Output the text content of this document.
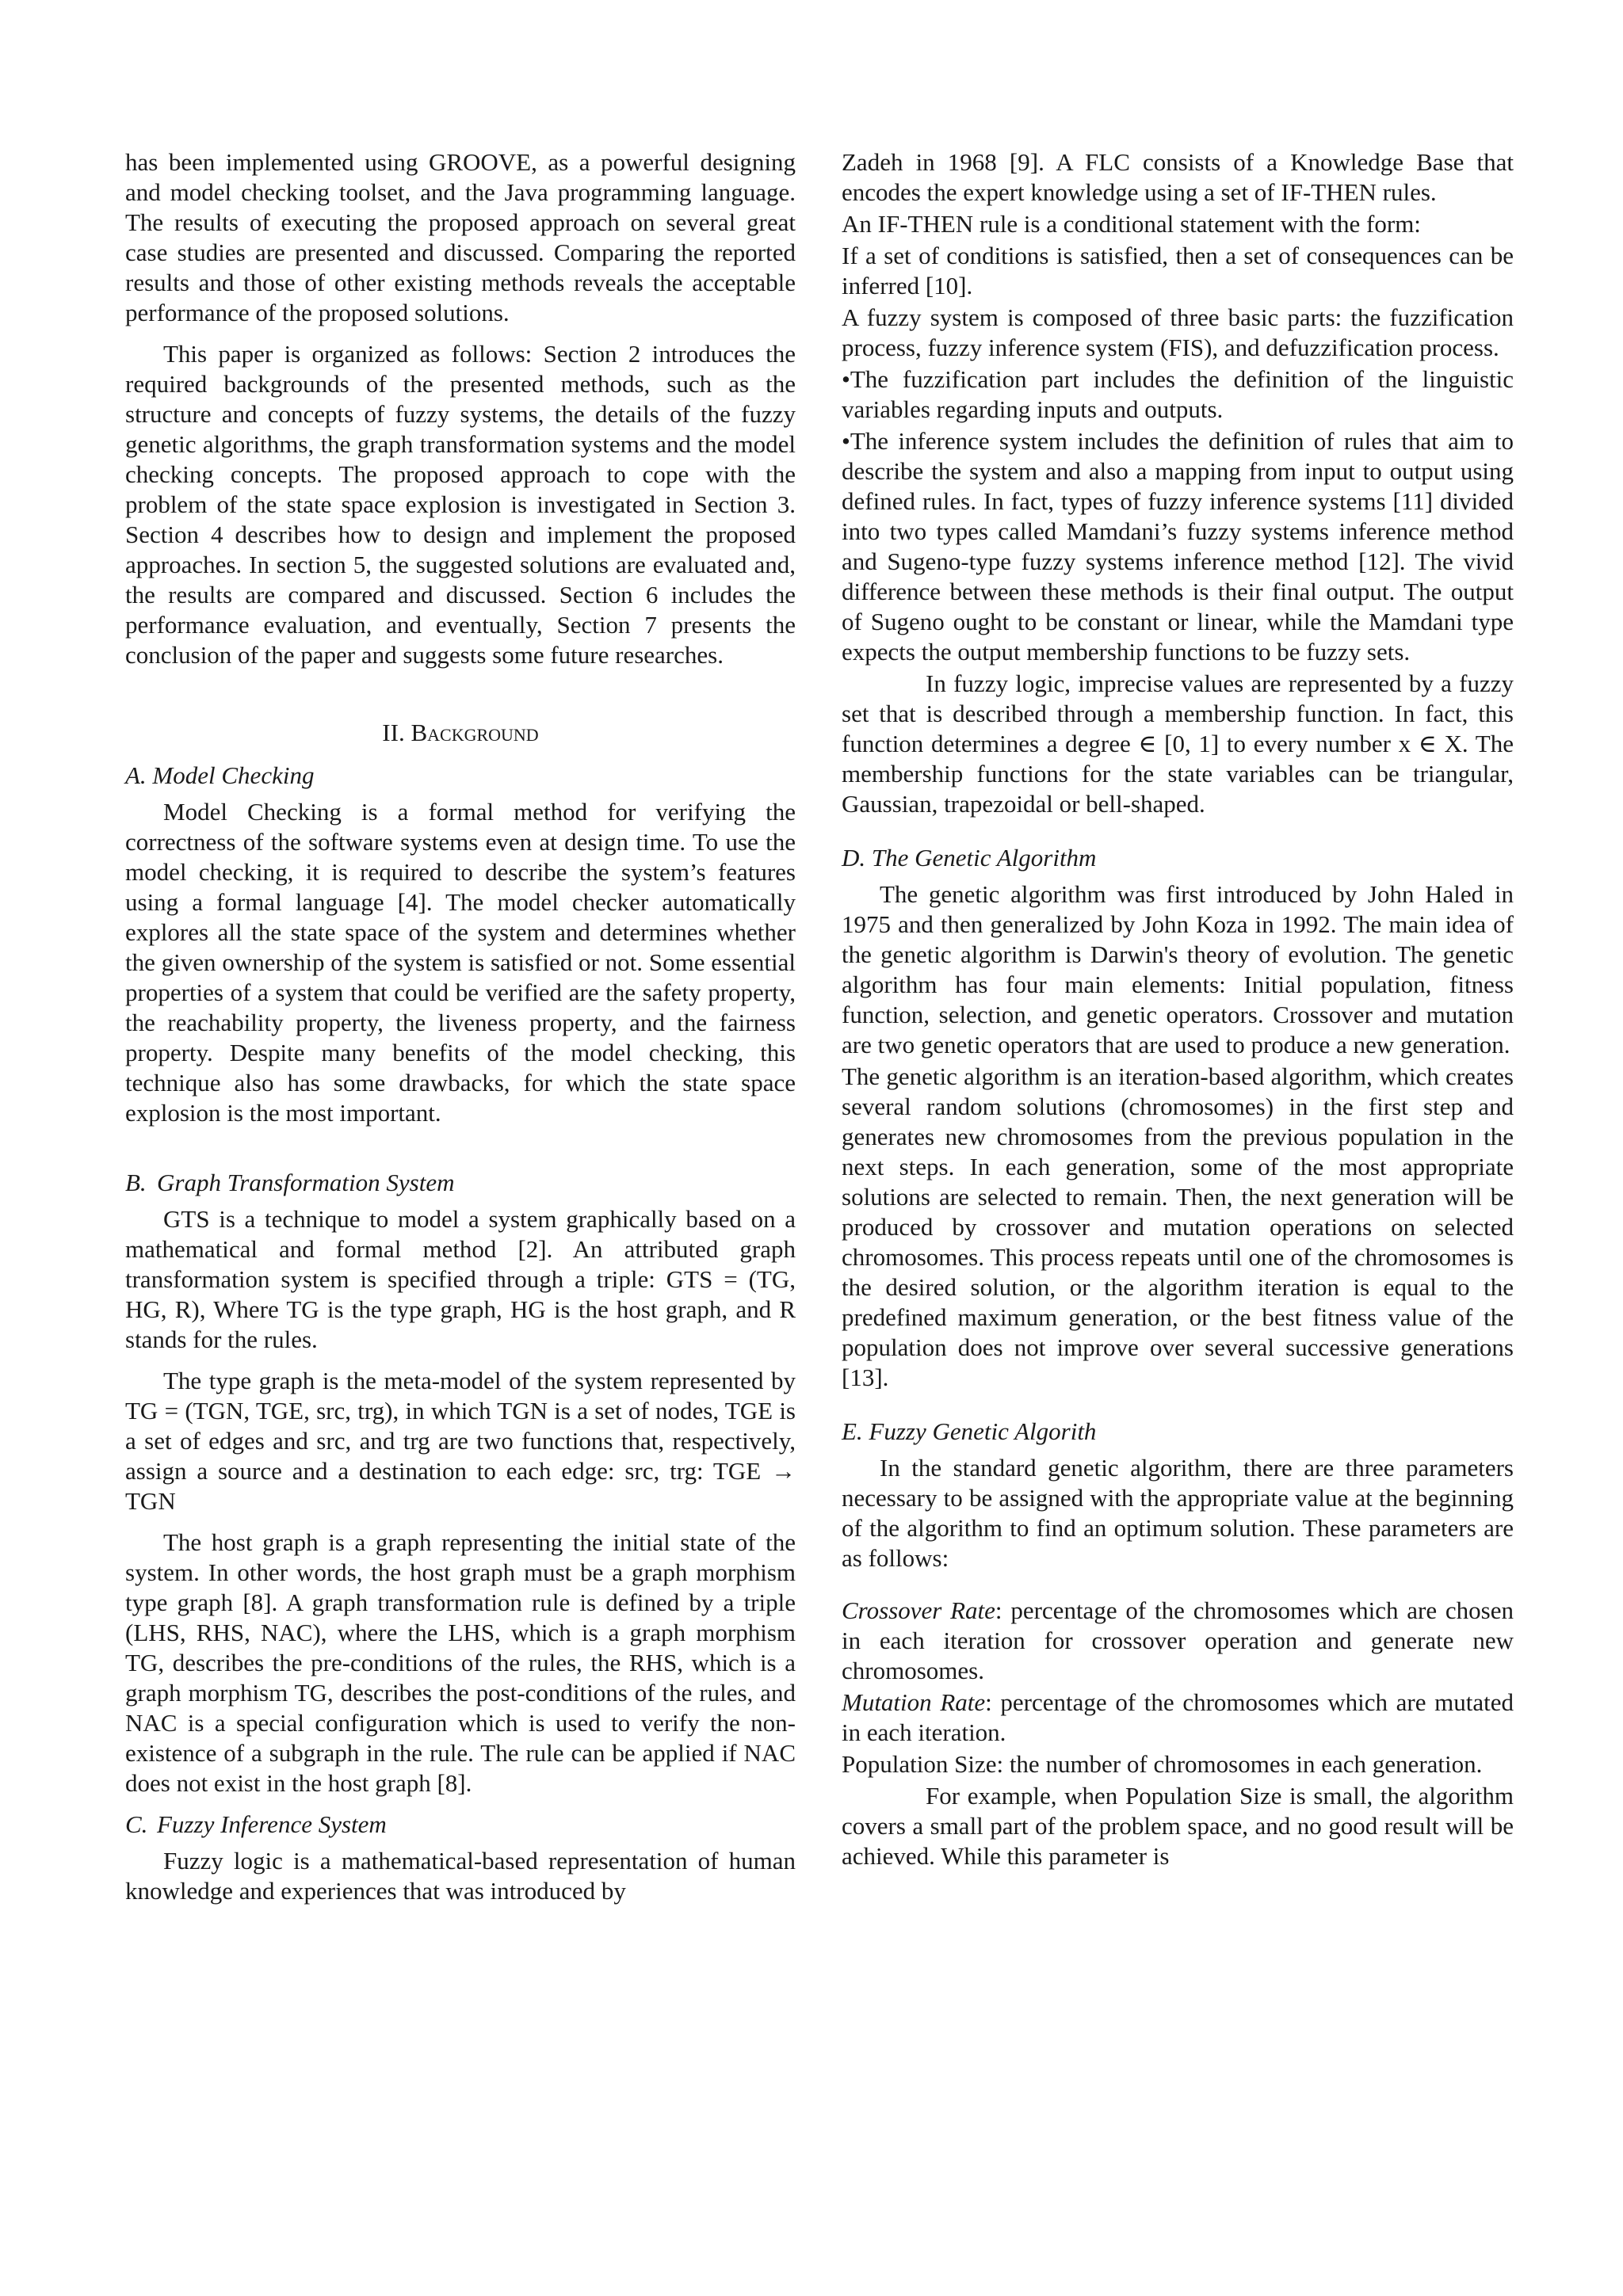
has been implemented using GROOVE, as a powerful designing and model checking toolset, and the Java programming language. The results of executing the proposed approach on several great case studies are presented and discussed. Comparing the reported results and those of other existing methods reveals the acceptable performance of the proposed solutions.

This paper is organized as follows: Section 2 introduces the required backgrounds of the presented methods, such as the structure and concepts of fuzzy systems, the details of the fuzzy genetic algorithms, the graph transformation systems and the model checking concepts. The proposed approach to cope with the problem of the state space explosion is investigated in Section 3. Section 4 describes how to design and implement the proposed approaches. In section 5, the suggested solutions are evaluated and, the results are compared and discussed. Section 6 includes the performance evaluation, and eventually, Section 7 presents the conclusion of the paper and suggests some future researches.

II. Background
A. Model Checking

Model Checking is a formal method for verifying the correctness of the software systems even at design time. To use the model checking, it is required to describe the system’s features using a formal language [4]. The model checker automatically explores all the state space of the system and determines whether the given ownership of the system is satisfied or not. Some essential properties of a system that could be verified are the safety property, the reachability property, the liveness property, and the fairness property. Despite many benefits of the model checking, this technique also has some drawbacks, for which the state space explosion is the most important.

B. Graph Transformation System

GTS is a technique to model a system graphically based on a mathematical and formal method [2]. An attributed graph transformation system is specified through a triple: GTS = (TG, HG, R), Where TG is the type graph, HG is the host graph, and R stands for the rules.

The type graph is the meta-model of the system represented by TG = (TGN, TGE, src, trg), in which TGN is a set of nodes, TGE is a set of edges and src, and trg are two functions that, respectively, assign a source and a destination to each edge: src, trg: TGE → TGN

The host graph is a graph representing the initial state of the system. In other words, the host graph must be a graph morphism type graph [8]. A graph transformation rule is defined by a triple (LHS, RHS, NAC), where the LHS, which is a graph morphism TG, describes the pre-conditions of the rules, the RHS, which is a graph morphism TG, describes the post-conditions of the rules, and NAC is a special configuration which is used to verify the non-existence of a subgraph in the rule. The rule can be applied if NAC does not exist in the host graph [8].

C. Fuzzy Inference System

Fuzzy logic is a mathematical-based representation of human knowledge and experiences that was introduced by

Zadeh in 1968 [9]. A FLC consists of a Knowledge Base that encodes the expert knowledge using a set of IF-THEN rules.

An IF-THEN rule is a conditional statement with the form:

If a set of conditions is satisfied, then a set of consequences can be inferred [10].

A fuzzy system is composed of three basic parts: the fuzzification process, fuzzy inference system (FIS), and defuzzification process.

•The fuzzification part includes the definition of the linguistic variables regarding inputs and outputs.

•The inference system includes the definition of rules that aim to describe the system and also a mapping from input to output using defined rules. In fact, types of fuzzy inference systems [11] divided into two types called Mamdani’s fuzzy systems inference method and Sugeno-type fuzzy systems inference method [12]. The vivid difference between these methods is their final output. The output of Sugeno ought to be constant or linear, while the Mamdani type expects the output membership functions to be fuzzy sets.

In fuzzy logic, imprecise values are represented by a fuzzy set that is described through a membership function. In fact, this function determines a degree ∈ [0, 1] to every number x ∈ X. The membership functions for the state variables can be triangular, Gaussian, trapezoidal or bell-shaped.

D. The Genetic Algorithm

The genetic algorithm was first introduced by John Haled in 1975 and then generalized by John Koza in 1992. The main idea of the genetic algorithm is Darwin's theory of evolution. The genetic algorithm has four main elements: Initial population, fitness function, selection, and genetic operators. Crossover and mutation are two genetic operators that are used to produce a new generation.

The genetic algorithm is an iteration-based algorithm, which creates several random solutions (chromosomes) in the first step and generates new chromosomes from the previous population in the next steps. In each generation, some of the most appropriate solutions are selected to remain. Then, the next generation will be produced by crossover and mutation operations on selected chromosomes. This process repeats until one of the chromosomes is the desired solution, or the algorithm iteration is equal to the predefined maximum generation, or the best fitness value of the population does not improve over several successive generations [13].

E. Fuzzy Genetic Algorith

In the standard genetic algorithm, there are three parameters necessary to be assigned with the appropriate value at the beginning of the algorithm to find an optimum solution. These parameters are as follows:

Crossover Rate: percentage of the chromosomes which are chosen in each iteration for crossover operation and generate new chromosomes.

Mutation Rate: percentage of the chromosomes which are mutated in each iteration.

Population Size: the number of chromosomes in each generation.

For example, when Population Size is small, the algorithm covers a small part of the problem space, and no good result will be achieved. While this parameter is
